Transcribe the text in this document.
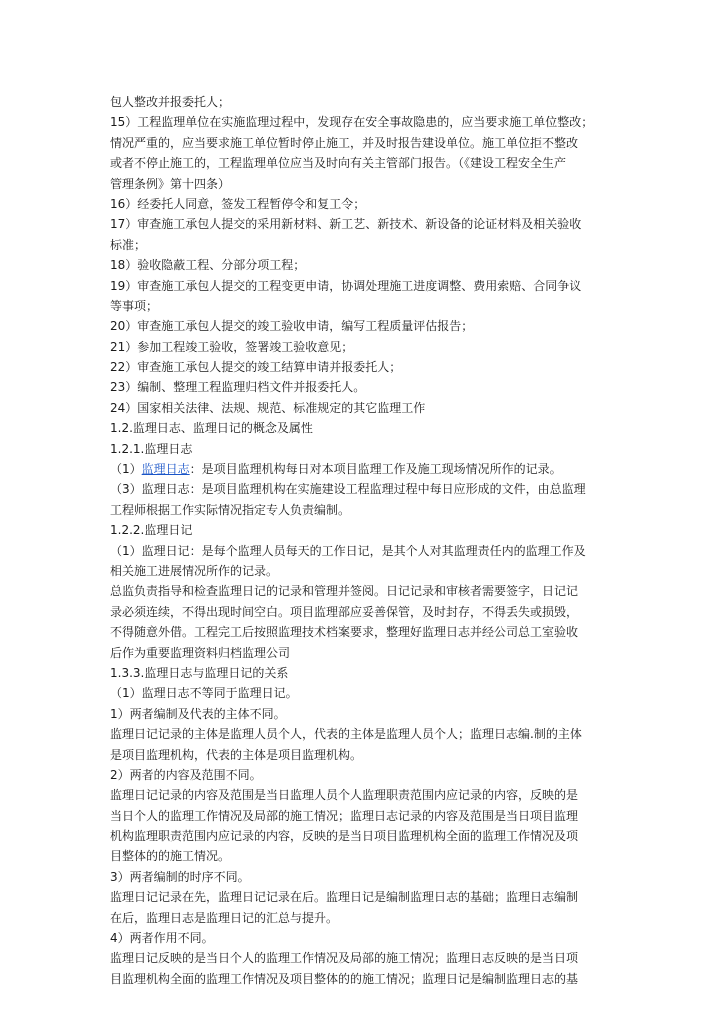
包人整改并报委托人；
15）工程监理单位在实施监理过程中，发现存在安全事故隐患的，应当要求施工单位整改；
情况严重的，应当要求施工单位暂时停止施工，并及时报告建设单位。施工单位拒不整改
或者不停止施工的，工程监理单位应当及时向有关主管部门报告。（《建设工程安全生产
管理条例》第十四条）
16）经委托人同意，签发工程暂停令和复工令；
17）审查施工承包人提交的采用新材料、新工艺、新技术、新设备的论证材料及相关验收
标准；
18）验收隐蔽工程、分部分项工程；
19）审查施工承包人提交的工程变更申请，协调处理施工进度调整、费用索赔、合同争议
等事项；
20）审查施工承包人提交的竣工验收申请，编写工程质量评估报告；
21）参加工程竣工验收，签署竣工验收意见；
22）审查施工承包人提交的竣工结算申请并报委托人；
23）编制、整理工程监理归档文件并报委托人。
24）国家相关法律、法规、规范、标准规定的其它监理工作
1.2.监理日志、监理日记的概念及属性
1.2.1.监理日志
（1）监理日志：是项目监理机构每日对本项目监理工作及施工现场情况所作的记录。
（3）监理日志：是项目监理机构在实施建设工程监理过程中每日应形成的文件，由总监理
工程师根据工作实际情况指定专人负责编制。
1.2.2.监理日记
（1）监理日记：是每个监理人员每天的工作日记，是其个人对其监理责任内的监理工作及
相关施工进展情况所作的记录。
总监负责指导和检查监理日记的记录和管理并签阅。日记记录和审核者需要签字，日记记
录必须连续，不得出现时间空白。项目监理部应妥善保管，及时封存，不得丢失或损毁，
不得随意外借。工程完工后按照监理技术档案要求，整理好监理日志并经公司总工室验收
后作为重要监理资料归档监理公司
1.3.3.监理日志与监理日记的关系
（1）监理日志不等同于监理日记。
1）两者编制及代表的主体不同。
监理日记记录的主体是监理人员个人，代表的主体是监理人员个人；监理日志编.制的主体
是项目监理机构，代表的主体是项目监理机构。
2）两者的内容及范围不同。
监理日记记录的内容及范围是当日监理人员个人监理职责范围内应记录的内容，反映的是
当日个人的监理工作情况及局部的施工情况；监理日志记录的内容及范围是当日项目监理
机构监理职责范围内应记录的内容，反映的是当日项目监理机构全面的监理工作情况及项
目整体的的施工情况。
3）两者编制的时序不同。
监理日记记录在先，监理日记记录在后。监理日记是编制监理日志的基础；监理日志编制
在后，监理日志是监理日记的汇总与提升。
4）两者作用不同。
监理日记反映的是当日个人的监理工作情况及局部的施工情况；监理日志反映的是当日项
目监理机构全面的监理工作情况及项目整体的的施工情况；监理日记是编制监理日志的基
